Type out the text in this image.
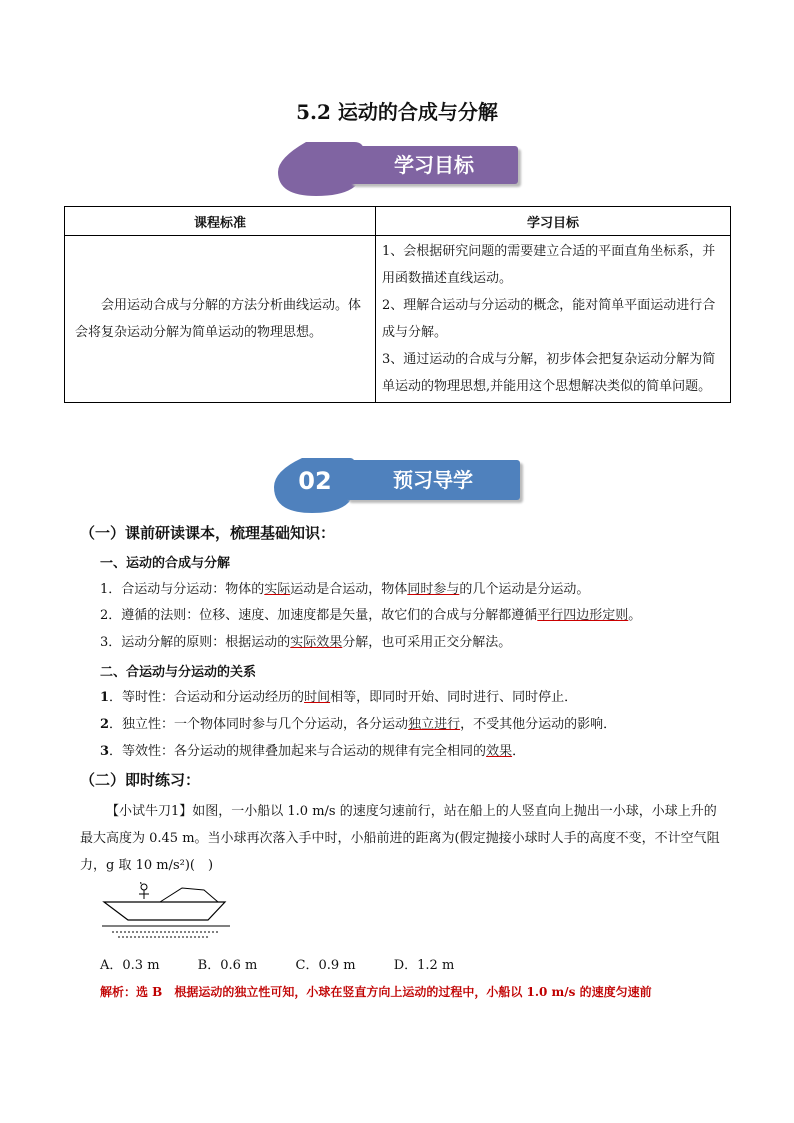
5.2 运动的合成与分解
学习目标
课程标准	学习目标
会用运动合成与分解的方法分析曲线运动。体会将复杂运动分解为简单运动的物理思想。	1、会根据研究问题的需要建立合适的平面直角坐标系，并用函数描述直线运动。

2、理解合运动与分运动的概念，能对简单平面运动进行合成与分解。

3、通过运动的合成与分解，初步体会把复杂运动分解为简单运动的物理思想,并能用这个思想解决类似的简单问题。

02	预习导学
（一）课前研读课本，梳理基础知识：
一、运动的合成与分解
1．合运动与分运动：物体的实际运动是合运动，物体同时参与的几个运动是分运动。
2．遵循的法则：位移、速度、加速度都是矢量，故它们的合成与分解都遵循平行四边形定则。
3．运动分解的原则：根据运动的实际效果分解，也可采用正交分解法。
二、合运动与分运动的关系
1．等时性：合运动和分运动经历的时间相等，即同时开始、同时进行、同时停止．
2．独立性：一个物体同时参与几个分运动，各分运动独立进行，不受其他分运动的影响．
3．等效性：各分运动的规律叠加起来与合运动的规律有完全相同的效果．
（二）即时练习：
【小试牛刀1】如图，一小船以 1.0 m/s 的速度匀速前行，站在船上的人竖直向上抛出一小球，小球上升的最大高度为 0.45 m。当小球再次落入手中时，小船前进的距离为(假定抛接小球时人手的高度不变，不计空气阻力，g 取 10 m/s²)(　)
A．0.3 m	B．0.6 m	C．0.9 m	D．1.2 m
解析：选 B　根据运动的独立性可知，小球在竖直方向上运动的过程中，小船以 1.0 m/s 的速度匀速前
